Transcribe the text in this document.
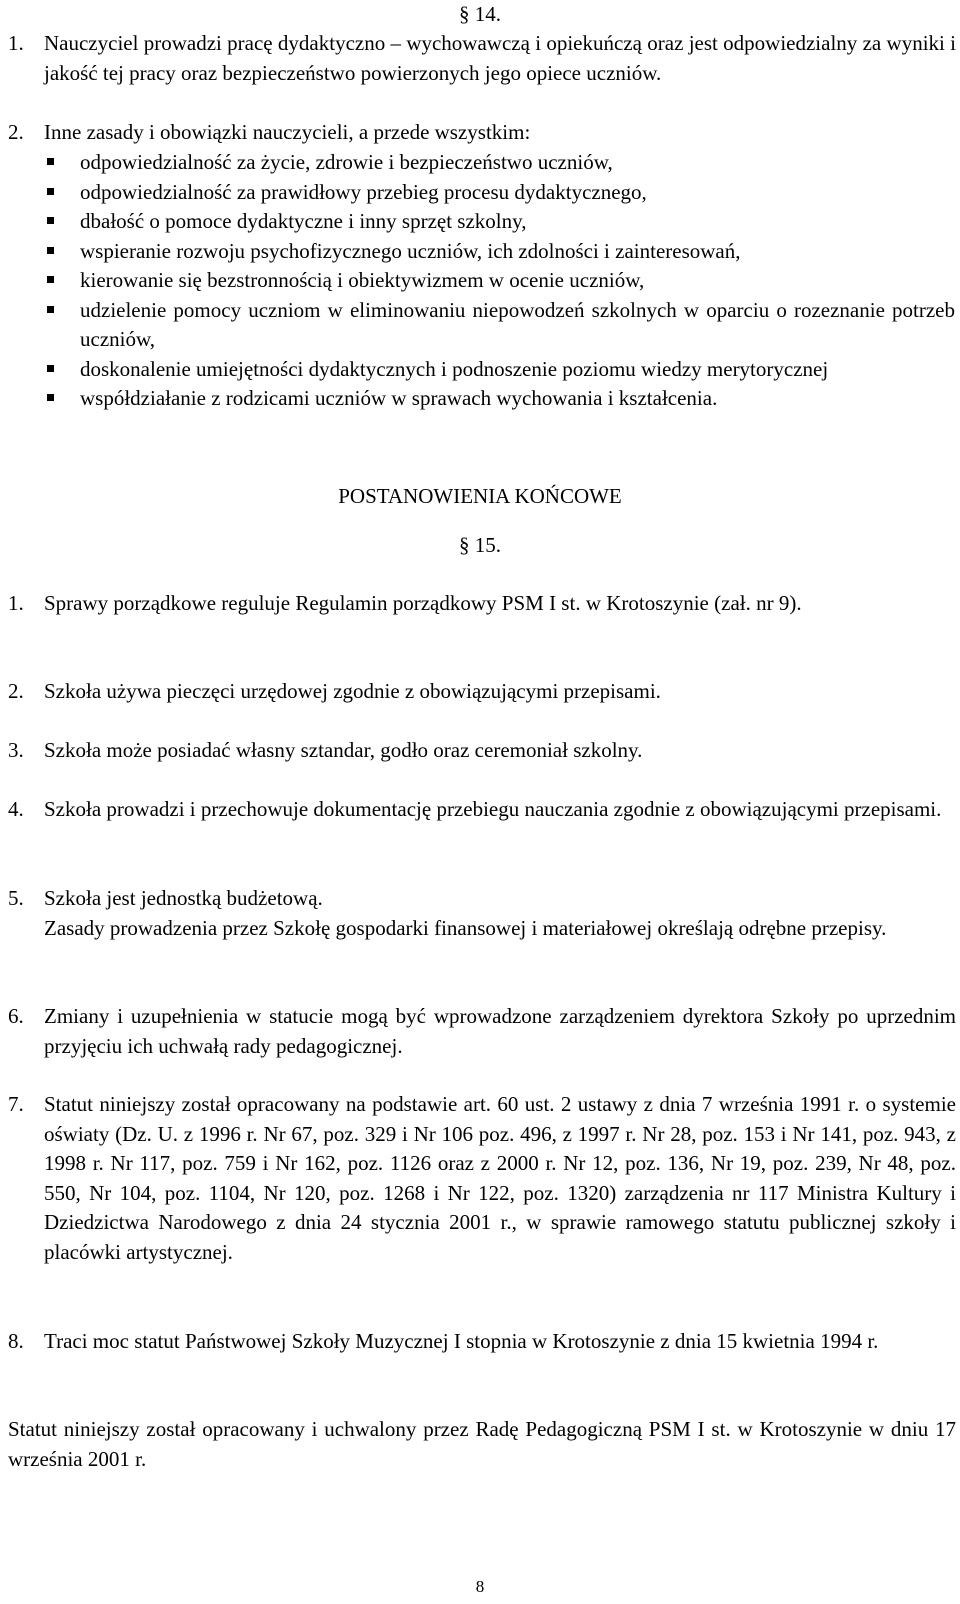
§ 14.
1. Nauczyciel prowadzi pracę dydaktyczno – wychowawczą i opiekuńczą oraz jest odpowiedzialny za wyniki i jakość tej pracy oraz bezpieczeństwo powierzonych jego opiece uczniów.
2. Inne zasady i obowiązki nauczycieli, a przede wszystkim:
odpowiedzialność za życie, zdrowie i bezpieczeństwo uczniów,
odpowiedzialność za prawidłowy przebieg procesu dydaktycznego,
dbałość o pomoce dydaktyczne i inny sprzęt szkolny,
wspieranie rozwoju psychofizycznego uczniów, ich zdolności i zainteresowań,
kierowanie się bezstronnością i obiektywizmem w ocenie uczniów,
udzielenie pomocy uczniom w eliminowaniu niepowodzeń szkolnych w oparciu o rozeznanie potrzeb uczniów,
doskonalenie umiejętności dydaktycznych i podnoszenie poziomu wiedzy merytorycznej
współdziałanie z rodzicami uczniów w sprawach wychowania i kształcenia.
POSTANOWIENIA KOŃCOWE
§ 15.
1. Sprawy porządkowe reguluje Regulamin porządkowy PSM I st. w Krotoszynie (zał. nr 9).
2. Szkoła używa pieczęci urzędowej zgodnie z obowiązującymi przepisami.
3. Szkoła może posiadać własny sztandar, godło oraz ceremoniał szkolny.
4. Szkoła prowadzi i przechowuje dokumentację przebiegu nauczania zgodnie z obowiązującymi przepisami.
5. Szkoła jest jednostką budżetową.
Zasady prowadzenia przez Szkołę gospodarki finansowej i materiałowej określają odrębne przepisy.
6. Zmiany i uzupełnienia w statucie mogą być wprowadzone zarządzeniem dyrektora Szkoły po uprzednim przyjęciu ich uchwałą rady pedagogicznej.
7. Statut niniejszy został opracowany na podstawie art. 60 ust. 2 ustawy z dnia 7 września 1991 r. o systemie oświaty (Dz. U. z 1996 r. Nr 67, poz. 329 i Nr 106 poz. 496, z 1997 r. Nr 28, poz. 153 i Nr 141, poz. 943, z 1998 r. Nr 117, poz. 759 i Nr 162, poz. 1126 oraz z 2000 r. Nr 12, poz. 136, Nr 19, poz. 239, Nr 48, poz. 550, Nr 104, poz. 1104, Nr 120, poz. 1268 i Nr 122, poz. 1320) zarządzenia nr 117 Ministra Kultury i Dziedzictwa Narodowego z dnia 24 stycznia 2001 r., w sprawie ramowego statutu publicznej szkoły i placówki artystycznej.
8. Traci moc statut Państwowej Szkoły Muzycznej I stopnia w Krotoszynie z dnia 15 kwietnia 1994 r.
Statut niniejszy został opracowany i uchwalony przez Radę Pedagogiczną PSM I st. w Krotoszynie w dniu 17 września 2001 r.
8
